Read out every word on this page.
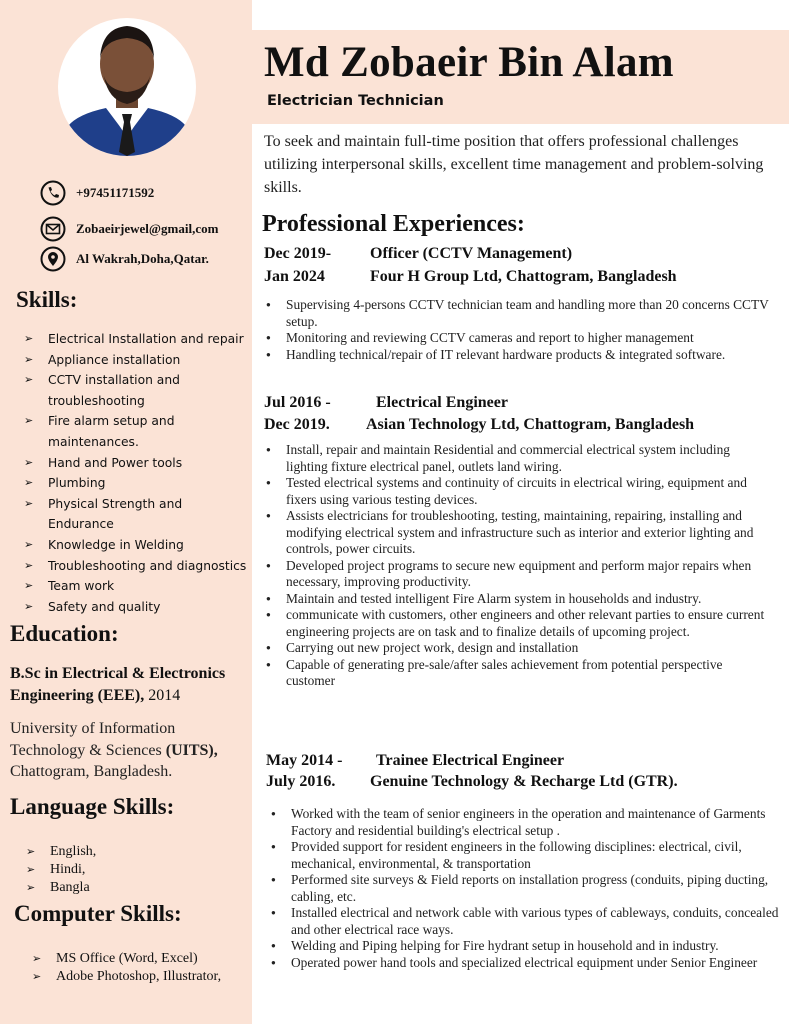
+97451171592
Zobaeirjewel@gmail,com
Al Wakrah,Doha,Qatar.
Skills:
➢ Electrical Installation and repair
➢ Appliance installation
➢ CCTV installation and troubleshooting
➢ Fire alarm setup and maintenances.
➢ Hand and Power tools
➢ Plumbing
➢ Physical Strength and Endurance
➢ Knowledge in Welding
➢ Troubleshooting and diagnostics
➢ Team work
➢ Safety and quality
Education:
B.Sc in Electrical & Electronics Engineering (EEE), 2014
University of Information Technology & Sciences (UITS), Chattogram, Bangladesh.
Language Skills:
➢ English,
➢ Hindi,
➢ Bangla
Computer Skills:
➢ MS Office (Word, Excel)
➢ Adobe Photoshop, Illustrator,
Md Zobaeir Bin Alam
Electrician Technician
To seek and maintain full-time position that offers professional challenges utilizing interpersonal skills, excellent time management and problem-solving skills.
Professional Experiences:
Dec 2019- Officer (CCTV Management)
Jan 2024	Four H Group Ltd, Chattogram, Bangladesh
● Supervising 4-persons CCTV technician team and handling more than 20 concerns CCTV setup.
● Monitoring and reviewing CCTV cameras and report to higher management
● Handling technical/repair of IT relevant hardware products & integrated software.
Jul 2016 -	Electrical Engineer
Dec 2019. Asian Technology Ltd, Chattogram, Bangladesh
● Install, repair and maintain Residential and commercial electrical system including lighting fixture electrical panel, outlets land wiring.
● Tested electrical systems and continuity of circuits in electrical wiring, equipment and fixers using various testing devices.
● Assists electricians for troubleshooting, testing, maintaining, repairing, installing and modifying electrical system and infrastructure such as interior and exterior lighting and controls, power circuits.
● Developed project programs to secure new equipment and perform major repairs when necessary, improving productivity.
● Maintain and tested intelligent Fire Alarm system in households and industry.
● communicate with customers, other engineers and other relevant parties to ensure current engineering projects are on task and to finalize details of upcoming project.
● Carrying out new project work, design and installation
● Capable of generating pre-sale/after sales achievement from potential perspective customer
May 2014 - Trainee Electrical Engineer
July 2016. Genuine Technology & Recharge Ltd (GTR).
● Worked with the team of senior engineers in the operation and maintenance of Garments Factory and residential building's electrical setup .
● Provided support for resident engineers in the following disciplines: electrical, civil, mechanical, environmental, & transportation
● Performed site surveys & Field reports on installation progress (conduits, piping ducting, cabling, etc.
● Installed electrical and network cable with various types of cableways, conduits, concealed and other electrical race ways.
● Welding and Piping helping for Fire hydrant setup in household and in industry.
● Operated power hand tools and specialized electrical equipment under Senior Engineer
